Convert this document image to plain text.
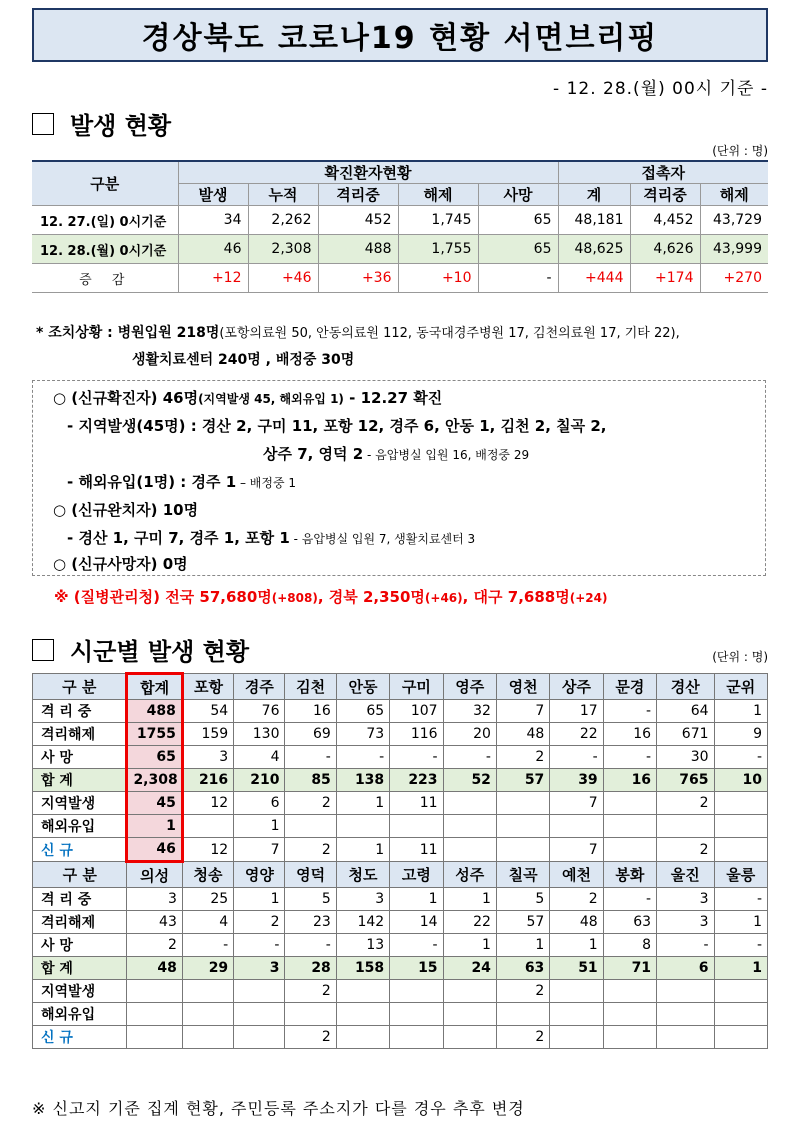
경상북도 코로나19 현황 서면브리핑
- 12. 28.(월) 00시 기준 -
발생 현황
(단위 : 명)
구분	확진환자현황					접촉자		
	발생	누적	격리중	해제	사망	계	격리중	해제
12. 27.(일) 0시기준	34	2,262	452	1,745	65	48,181	4,452	43,729
12. 28.(월) 0시기준	46	2,308	488	1,755	65	48,625	4,626	43,999
증 감	+12	+46	+36	+10	-	+444	+174	+270
* 조치상황 : 병원입원 218명(포항의료원 50, 안동의료원 112, 동국대경주병원 17, 김천의료원 17, 기타 22),
생활치료센터 240명 , 배정중 30명
○ (신규확진자) 46명(지역발생 45, 해외유입 1) - 12.27 확진
- 지역발생(45명) : 경산 2, 구미 11, 포항 12, 경주 6, 안동 1, 김천 2, 칠곡 2,
상주 7, 영덕 2 - 음압병실 입원 16, 배정중 29
- 해외유입(1명) : 경주 1 – 배정중 1
○ (신규완치자) 10명
- 경산 1, 구미 7, 경주 1, 포항 1 - 음압병실 입원 7, 생활치료센터 3
○ (신규사망자) 0명
※ (질병관리청) 전국 57,680명(+808), 경북 2,350명(+46), 대구 7,688명(+24)
시군별 발생 현황	(단위 : 명)
구 분	합계	포항	경주	김천	안동	구미	영주	영천	상주	문경	경산	군위
격 리 중	488	54	76	16	65	107	32	7	17	-	64	1
격리해제	1755	159	130	69	73	116	20	48	22	16	671	9
사 망	65	3	4	-	-	-	-	2	-	-	30	-
합 계	2,308	216	210	85	138	223	52	57	39	16	765	10
지역발생	45	12	6	2	1	11			7		2	
해외유입	1		1									
신 규	46	12	7	2	1	11			7		2	
구 분	의성	청송	영양	영덕	청도	고령	성주	칠곡	예천	봉화	울진	울릉
격 리 중	3	25	1	5	3	1	1	5	2	-	3	-
격리해제	43	4	2	23	142	14	22	57	48	63	3	1
사 망	2	-	-	-	13	-	1	1	1	8	-	-
합 계	48	29	3	28	158	15	24	63	51	71	6	1
지역발생				2				2				
해외유입												
신 규				2				2				
※ 신고지 기준 집계 현황, 주민등록 주소지가 다를 경우 추후 변경
